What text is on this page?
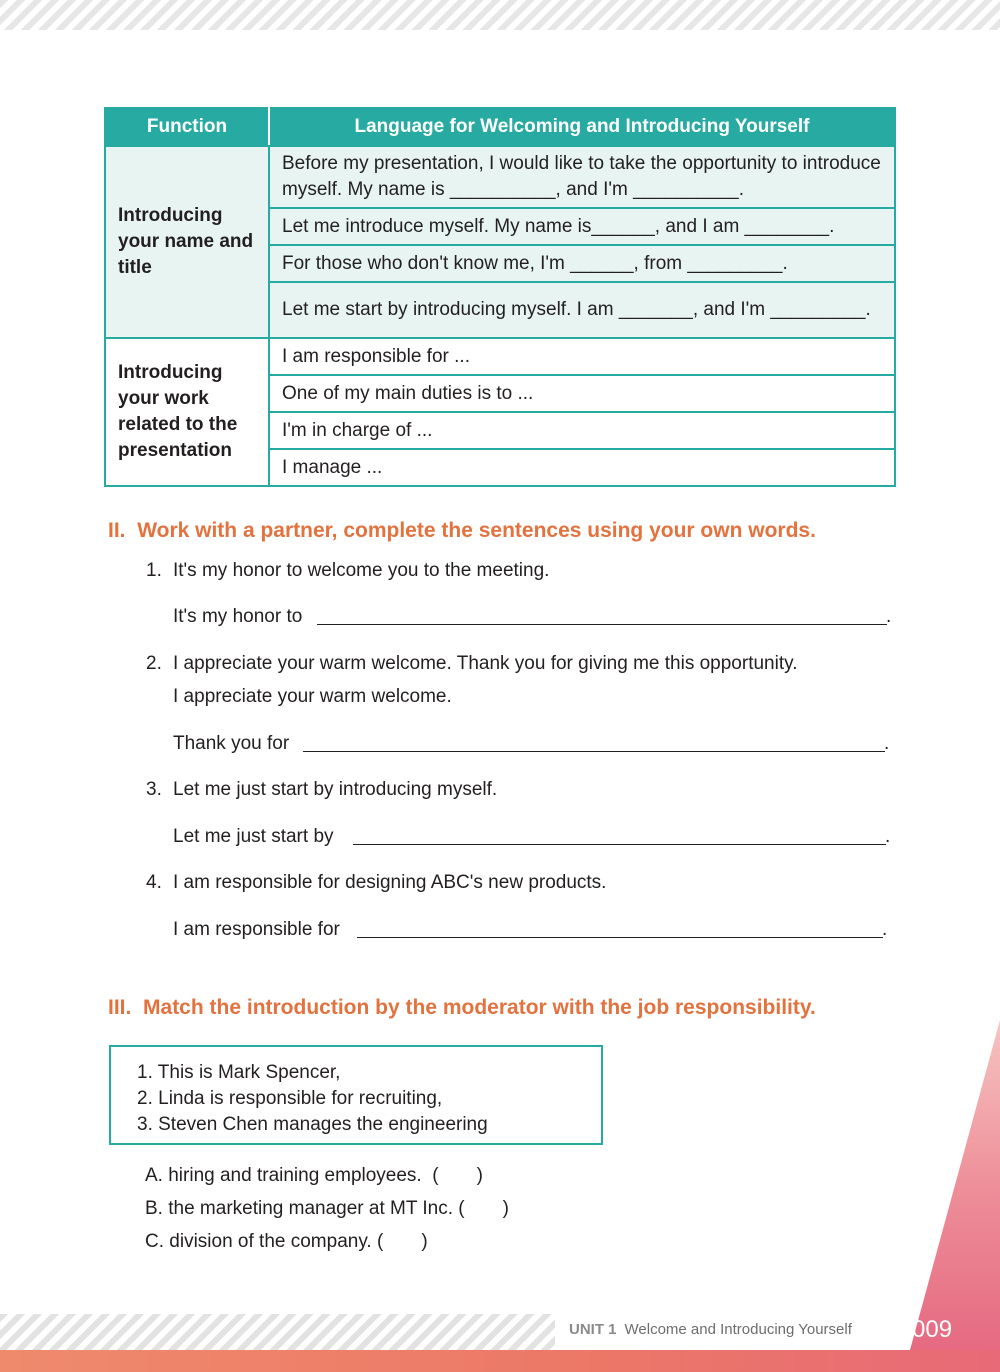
Function	Language for Welcoming and Introducing Yourself
Introducing your name and title	Before my presentation, I would like to take the opportunity to introduce myself. My name is __________, and I'm __________.
	Let me introduce myself. My name is______, and I am ________.
	For those who don't know me, I'm ______, from _________.
	Let me start by introducing myself. I am _______, and I'm _________.
Introducing your work related to the presentation	I am responsible for ...
	One of my main duties is to ...
	I'm in charge of ...
	I manage ...
II. Work with a partner, complete the sentences using your own words.
1. It's my honor to welcome you to the meeting.
It's my honor to	.
2. I appreciate your warm welcome. Thank you for giving me this opportunity.
I appreciate your warm welcome.
Thank you for	.
3. Let me just start by introducing myself.
Let me just start by	.
4. I am responsible for designing ABC's new products.
I am responsible for	.
III. Match the introduction by the moderator with the job responsibility.
1. This is Mark Spencer,
2. Linda is responsible for recruiting,
3. Steven Chen manages the engineering
A. hiring and training employees. ( )
B. the marketing manager at MT Inc. ( )
C. division of the company. ( )
UNIT 1 Welcome and Introducing Yourself	009
